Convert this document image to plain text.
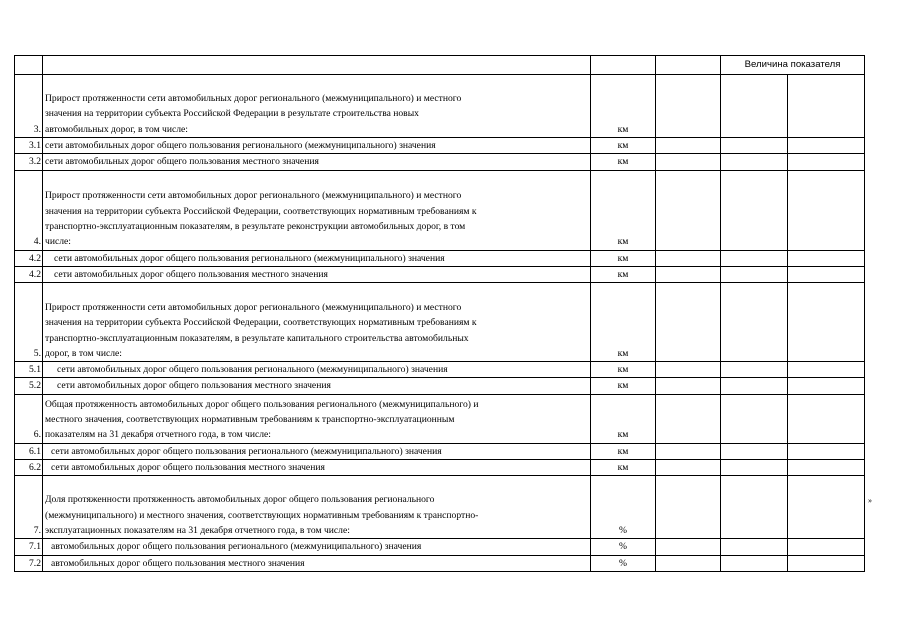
				Величина показателя	
3.	Прирост протяженности сети автомобильных дорог регионального (межмуниципального) и местного
значения на территории субъекта Российской Федерации в результате строительства новых
автомобильных дорог, в том числе:	км			
3.1	сети автомобильных дорог общего пользования регионального (межмуниципального) значения	км			
3.2	сети автомобильных дорог общего пользования местного значения	км			
4.	Прирост протяженности сети автомобильных дорог регионального (межмуниципального) и местного
значения на территории субъекта Российской Федерации, соответствующих нормативным требованиям к
транспортно-эксплуатационным показателям, в результате реконструкции автомобильных дорог, в том
числе:	км			
4.2	сети автомобильных дорог общего пользования регионального (межмуниципального) значения	км			
4.2	сети автомобильных дорог общего пользования местного значения	км			
5.	Прирост протяженности сети автомобильных дорог регионального (межмуниципального) и местного
значения на территории субъекта Российской Федерации, соответствующих нормативным требованиям к
транспортно-эксплуатационным показателям, в результате капитального строительства автомобильных
дорог, в том числе:	км			
5.1	сети автомобильных дорог общего пользования регионального (межмуниципального) значения	км			
5.2	сети автомобильных дорог общего пользования местного значения	км			
6.	Общая протяженность автомобильных дорог общего пользования регионального (межмуниципального) и
местного значения, соответствующих нормативным требованиям к транспортно-эксплуатационным
показателям на 31 декабря отчетного года, в том числе:	км			
6.1	сети автомобильных дорог общего пользования регионального (межмуниципального) значения	км			
6.2	сети автомобильных дорог общего пользования местного значения	км			
7.	Доля протяженности протяженность автомобильных дорог общего пользования регионального
(межмуниципального) и местного значения, соответствующих нормативным требованиям к транспортно-
эксплуатационных показателям на 31 декабря отчетного года, в том числе:	%			
7.1	автомобильных дорог общего пользования регионального (межмуниципального) значения	%			
7.2	автомобильных дорог общего пользования местного значения	%			
»
